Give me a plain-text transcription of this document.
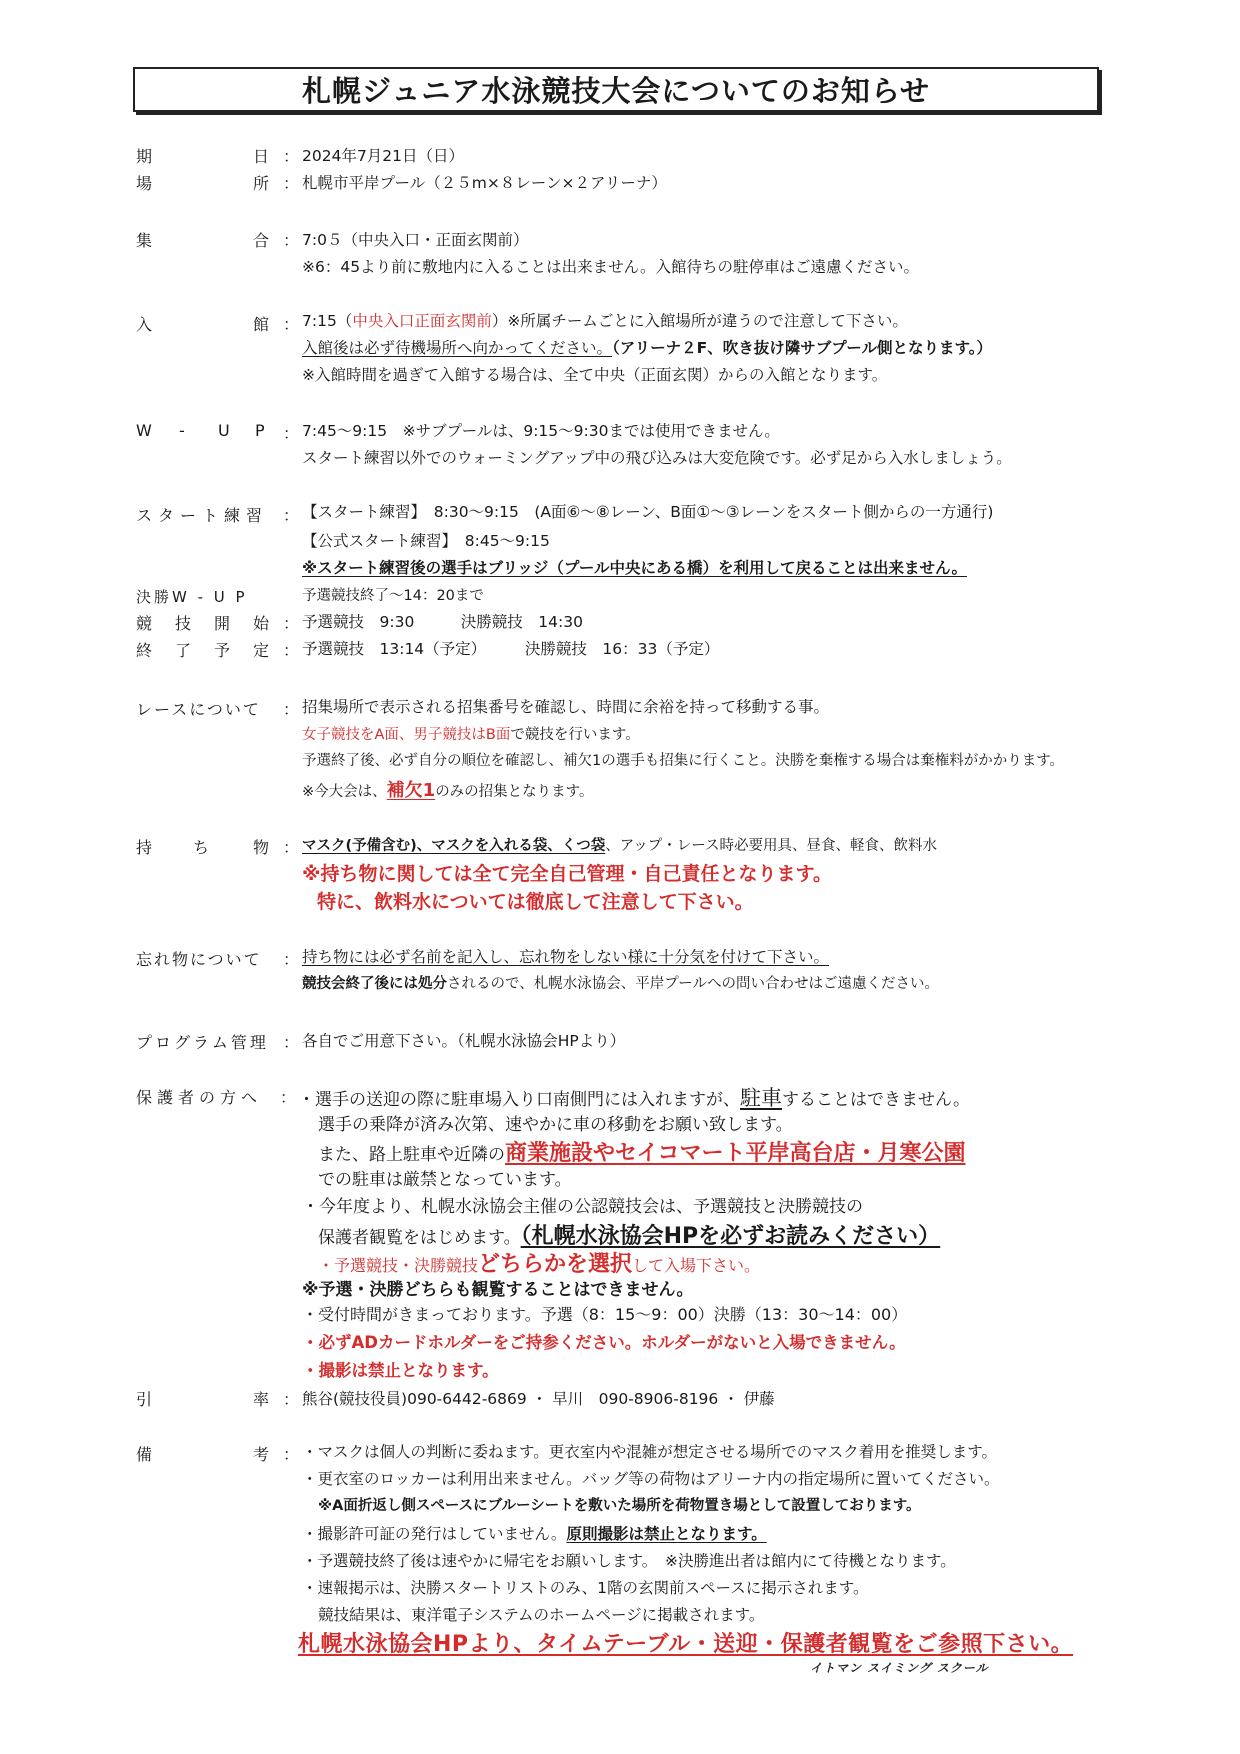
札幌ジュニア水泳競技大会についてのお知らせ
期	日 ： 2024年7月21日（日）
場	所 ： 札幌市平岸プール（２５m×８レーン×２アリーナ）
集	合 ： 7:0５（中央入口・正面玄関前）
※6：45より前に敷地内に入ることは出来ません。入館待ちの駐停車はご遠慮ください。
入	館 ： 7:15（中央入口正面玄関前）※所属チームごとに入館場所が違うので注意して下さい。
入館後は必ず待機場所へ向かってください。（アリーナ２F、吹き抜け隣サブプール側となります。）
※入館時間を過ぎて入館する場合は、全て中央（正面玄関）からの入館となります。
W - U P ： 7:45～9:15　※サブプールは、9:15～9:30までは使用できません。
スタート練習以外でのウォーミングアップ中の飛び込みは大変危険です。必ず足から入水しましょう。
スタート練習 ： 【スタート練習】　8:30～9:15　(A面⑥～⑧レーン、B面①～③レーンをスタート側からの一方通行)
【公式スタート練習】　8:45～9:15
※スタート練習後の選手はブリッジ（プール中央にある橋）を利用して戻ることは出来ません。
決勝W - U P	予選競技終了～14：20まで
競 技 開 始 ： 予選競技　9:30　　　決勝競技　14:30
終 了 予 定 ： 予選競技　13:14（予定）　　　決勝競技　16：33（予定）
レースについて ： 招集場所で表示される招集番号を確認し、時間に余裕を持って移動する事。
女子競技をA面、男子競技はB面で競技を行います。
予選終了後、必ず自分の順位を確認し、補欠1の選手も招集に行くこと。決勝を棄権する場合は棄権料がかかります。
※今大会は、補欠1のみの招集となります。
持	ち	物 ： マスク(予備含む)、マスクを入れる袋、くつ袋、アップ・レース時必要用具、昼食、軽食、飲料水
※持ち物に関しては全て完全自己管理・自己責任となります。
特に、飲料水については徹底して注意して下さい。
忘れ物について ： 持ち物には必ず名前を記入し、忘れ物をしない様に十分気を付けて下さい。
競技会終了後には処分されるので、札幌水泳協会、平岸プールへの問い合わせはご遠慮ください。
プログラム管理 ： 各自でご用意下さい。（札幌水泳協会HPより）
保護者の方へ ： ・選手の送迎の際に駐車場入り口南側門には入れますが、駐車することはできません。
選手の乗降が済み次第、速やかに車の移動をお願い致します。
また、路上駐車や近隣の商業施設やセイコマート平岸高台店・月寒公園
での駐車は厳禁となっています。
・今年度より、札幌水泳協会主催の公認競技会は、予選競技と決勝競技の
保護者観覧をはじめます。（札幌水泳協会HPを必ずお読みください）
・予選競技・決勝競技どちらかを選択して入場下さい。
※予選・決勝どちらも観覧することはできません。
・受付時間がきまっております。予選（8：15～9：00）決勝（13：30～14：00）
・必ずADカードホルダーをご持参ください。ホルダーがないと入場できません。
・撮影は禁止となります。
引	率 ： 熊谷(競技役員)090-6442-6869 ・ 早川　090-8906-8196 ・ 伊藤
備	考 ： ・マスクは個人の判断に委ねます。更衣室内や混雑が想定させる場所でのマスク着用を推奨します。
・更衣室のロッカーは利用出来ません。バッグ等の荷物はアリーナ内の指定場所に置いてください。
※A面折返し側スペースにブルーシートを敷いた場所を荷物置き場として設置しております。
・撮影許可証の発行はしていません。原則撮影は禁止となります。
・予選競技終了後は速やかに帰宅をお願いします。　※決勝進出者は館内にて待機となります。
・速報掲示は、決勝スタートリストのみ、1階の玄関前スペースに掲示されます。
競技結果は、東洋電子システムのホームページに掲載されます。
札幌水泳協会HPより、タイムテーブル・送迎・保護者観覧をご参照下さい。
イトマン スイミング スクール
